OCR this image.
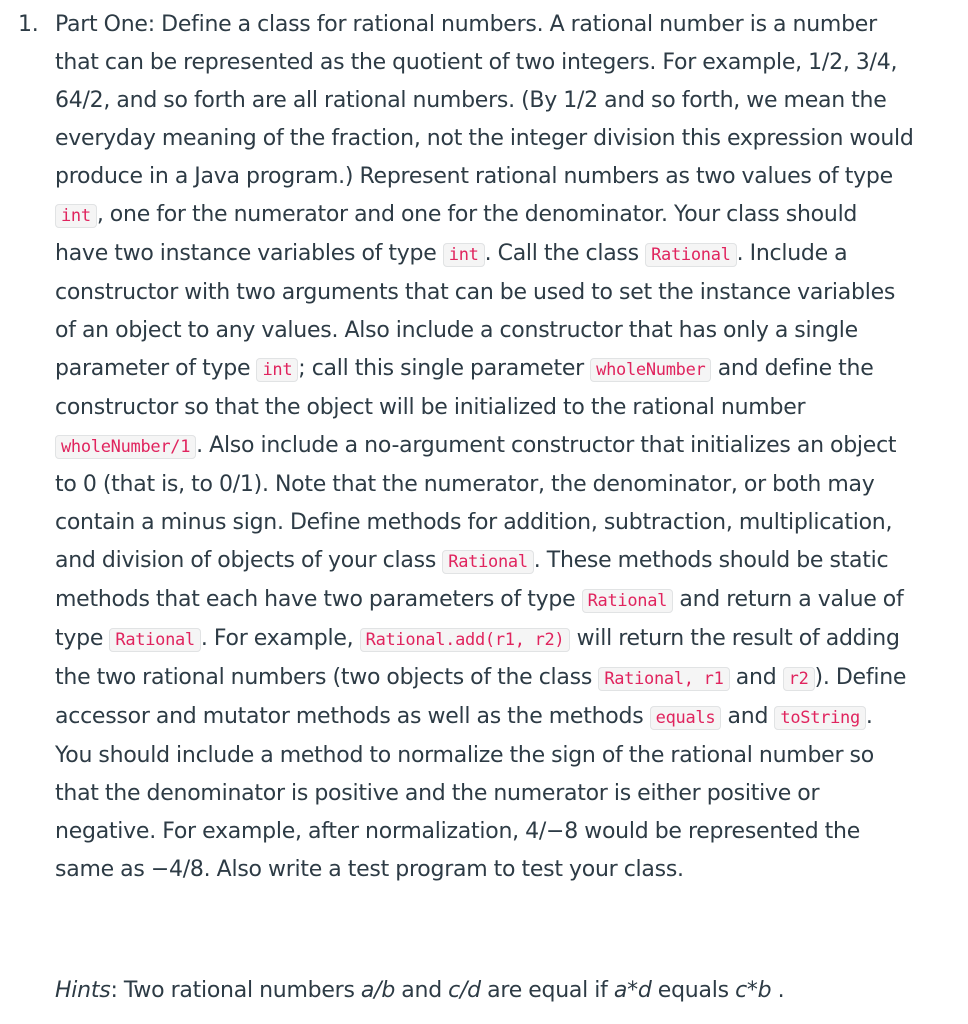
1. Part One: Define a class for rational numbers. A rational number is a number that can be represented as the quotient of two integers. For example, 1/2, 3/4, 64/2, and so forth are all rational numbers. (By 1/2 and so forth, we mean the everyday meaning of the fraction, not the integer division this expression would produce in a Java program.) Represent rational numbers as two values of type int , one for the numerator and one for the denominator. Your class should have two instance variables of type int . Call the class Rational . Include a constructor with two arguments that can be used to set the instance variables of an object to any values. Also include a constructor that has only a single parameter of type int ; call this single parameter wholeNumber and define the constructor so that the object will be initialized to the rational number wholeNumber/1 . Also include a no-argument constructor that initializes an object to 0 (that is, to 0/1). Note that the numerator, the denominator, or both may contain a minus sign. Define methods for addition, subtraction, multiplication, and division of objects of your class Rational . These methods should be static methods that each have two parameters of type Rational and return a value of type Rational . For example, Rational.add(r1, r2) will return the result of adding the two rational numbers (two objects of the class Rational, r1 and r2 ). Define accessor and mutator methods as well as the methods equals and toString . You should include a method to normalize the sign of the rational number so that the denominator is positive and the numerator is either positive or negative. For example, after normalization, 4/−8 would be represented the same as −4/8. Also write a test program to test your class.

Hints: Two rational numbers a/b and c/d are equal if a*d equals c*b .
